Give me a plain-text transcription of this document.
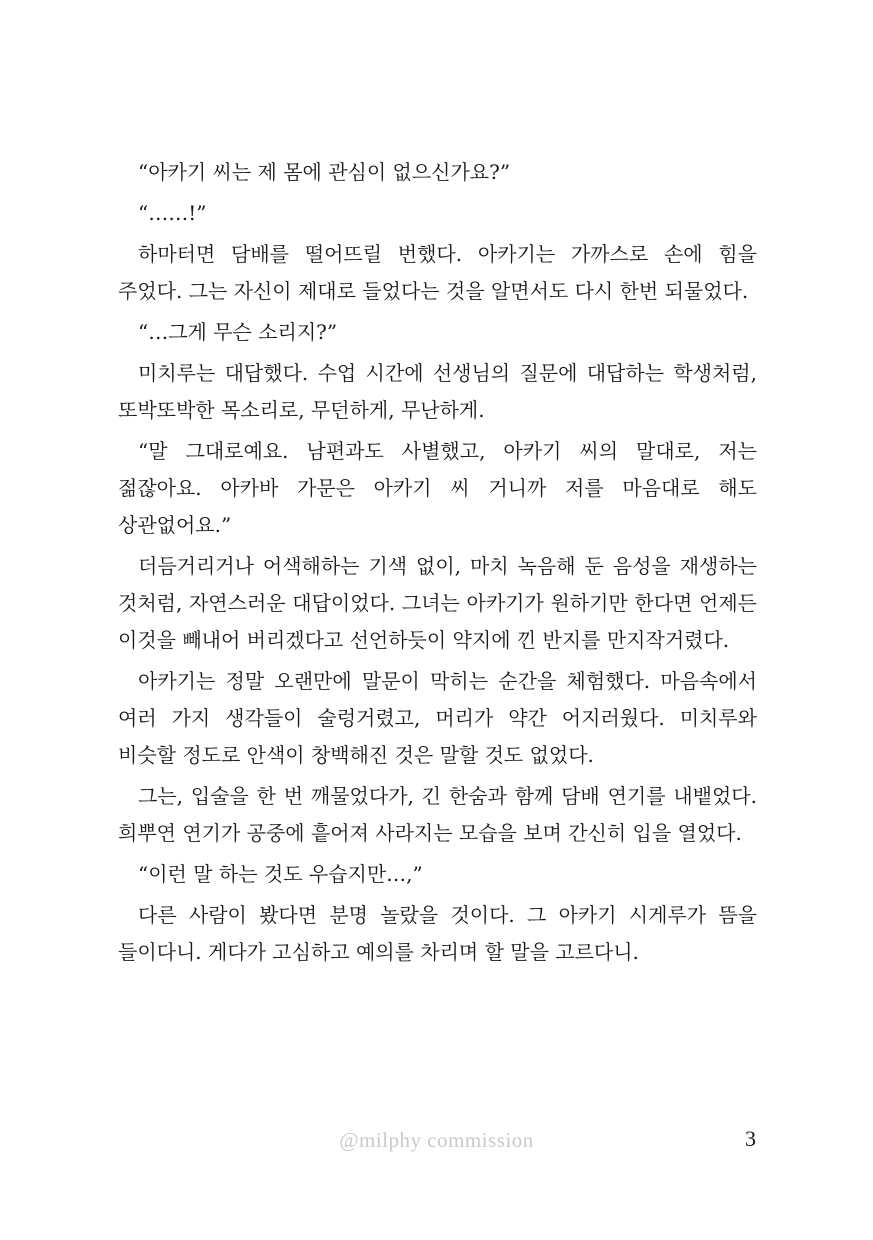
“아카기 씨는 제 몸에 관심이 없으신가요?”

“……!”

하마터면 담배를 떨어뜨릴 번했다. 아카기는 가까스로 손에 힘을 주었다. 그는 자신이 제대로 들었다는 것을 알면서도 다시 한번 되물었다.

“…그게 무슨 소리지?”

미치루는 대답했다. 수업 시간에 선생님의 질문에 대답하는 학생처럼, 또박또박한 목소리로, 무던하게, 무난하게.

“말 그대로예요. 남편과도 사별했고, 아카기 씨의 말대로, 저는 젊잖아요. 아카바 가문은 아카기 씨 거니까 저를 마음대로 해도 상관없어요.”

더듬거리거나 어색해하는 기색 없이, 마치 녹음해 둔 음성을 재생하는 것처럼, 자연스러운 대답이었다. 그녀는 아카기가 원하기만 한다면 언제든 이것을 빼내어 버리겠다고 선언하듯이 약지에 낀 반지를 만지작거렸다.

아카기는 정말 오랜만에 말문이 막히는 순간을 체험했다. 마음속에서 여러 가지 생각들이 술렁거렸고, 머리가 약간 어지러웠다. 미치루와 비슷할 정도로 안색이 창백해진 것은 말할 것도 없었다.

그는, 입술을 한 번 깨물었다가, 긴 한숨과 함께 담배 연기를 내뱉었다. 희뿌연 연기가 공중에 흩어져 사라지는 모습을 보며 간신히 입을 열었다.

“이런 말 하는 것도 우습지만…,”

다른 사람이 봤다면 분명 놀랐을 것이다. 그 아카기 시게루가 뜸을 들이다니. 게다가 고심하고 예의를 차리며 할 말을 고르다니.

@milphy commission	3
